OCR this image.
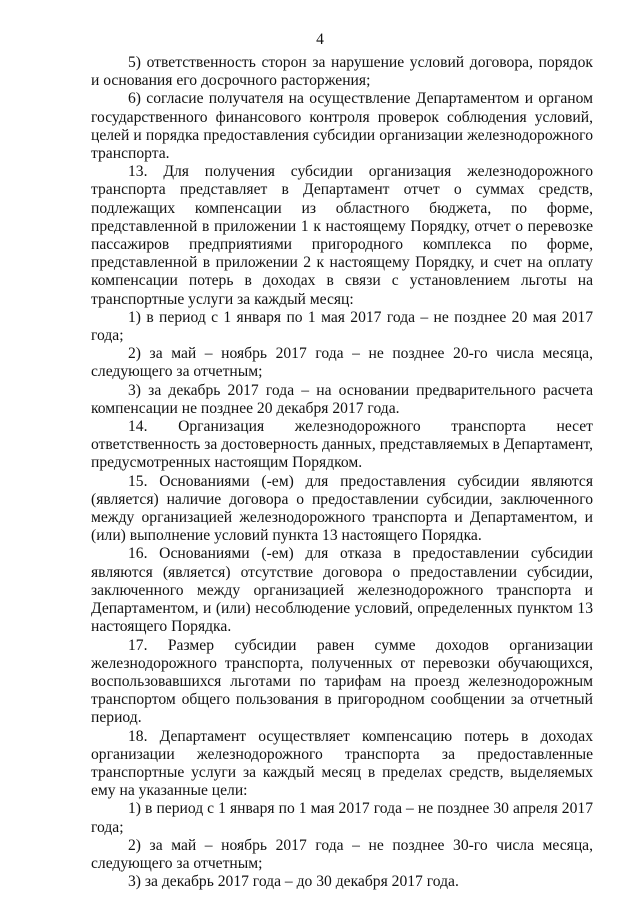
4

5) ответственность сторон за нарушение условий договора, порядок и основания его досрочного расторжения;

6) согласие получателя на осуществление Департаментом и органом государственного финансового контроля проверок соблюдения условий, целей и порядка предоставления субсидии организации железнодорожного транспорта.

13. Для получения субсидии организация железнодорожного транспорта представляет в Департамент отчет о суммах средств, подлежащих компенсации из областного бюджета, по форме, представленной в приложении 1 к настоящему Порядку, отчет о перевозке пассажиров предприятиями пригородного комплекса по форме, представленной в приложении 2 к настоящему Порядку, и счет на оплату компенсации потерь в доходах в связи с установлением льготы на транспортные услуги за каждый месяц:

1) в период с 1 января по 1 мая 2017 года – не позднее 20 мая 2017 года;

2) за май – ноябрь 2017 года – не позднее 20-го числа месяца, следующего за отчетным;

3) за декабрь 2017 года – на основании предварительного расчета компенсации не позднее 20 декабря 2017 года.

14. Организация железнодорожного транспорта несет ответственность за достоверность данных, представляемых в Департамент, предусмотренных настоящим Порядком.

15. Основаниями (-ем) для предоставления субсидии являются (является) наличие договора о предоставлении субсидии, заключенного между организацией железнодорожного транспорта и Департаментом, и (или) выполнение условий пункта 13 настоящего Порядка.

16. Основаниями (-ем) для отказа в предоставлении субсидии являются (является) отсутствие договора о предоставлении субсидии, заключенного между организацией железнодорожного транспорта и Департаментом, и (или) несоблюдение условий, определенных пунктом 13 настоящего Порядка.

17. Размер субсидии равен сумме доходов организации железнодорожного транспорта, полученных от перевозки обучающихся, воспользовавшихся льготами по тарифам на проезд железнодорожным транспортом общего пользования в пригородном сообщении за отчетный период.

18. Департамент осуществляет компенсацию потерь в доходах организации железнодорожного транспорта за предоставленные транспортные услуги за каждый месяц в пределах средств, выделяемых ему на указанные цели:

1) в период с 1 января по 1 мая 2017 года – не позднее 30 апреля 2017 года;

2) за май – ноябрь 2017 года – не позднее 30-го числа месяца, следующего за отчетным;

3) за декабрь 2017 года – до 30 декабря 2017 года.
